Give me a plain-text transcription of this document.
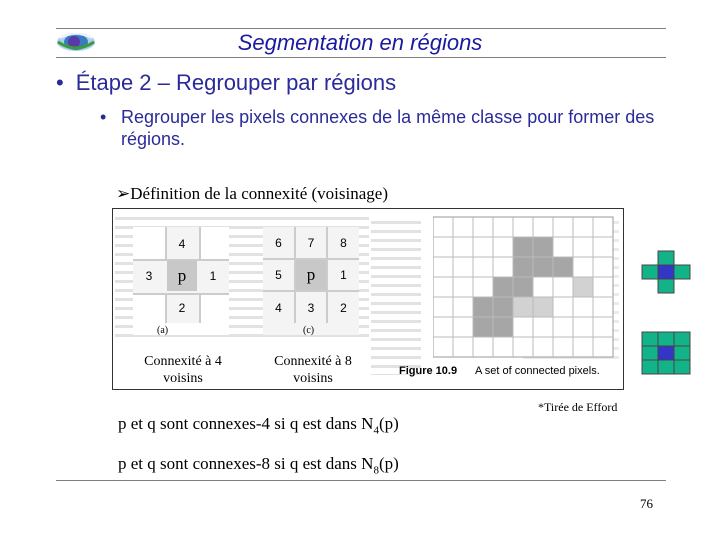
Segmentation en régions
• Étape 2 – Regrouper par régions
• Regrouper les pixels connexes de la même classe pour former des régions.
➢Définition de la connexité (voisinage)
4
3	p	1
2
(a)
6	7	8
5	p	1
4	3	2
(c)
Connexité à 4 voisins
Connexité à 8 voisins	Figure 10.9 A set of connected pixels.
*Tirée de Efford
p et q sont connexes-4 si q est dans $N_4(p)$
p et q sont connexes-8 si q est dans $N_8(p)$
76
